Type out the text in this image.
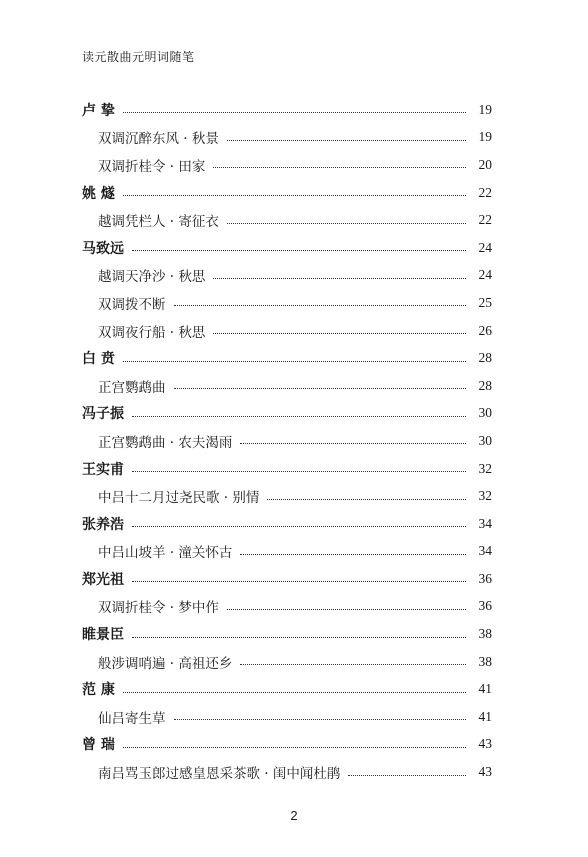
读元散曲元明词随笔
卢 挚	19
双调沉醉东风 · 秋景	19
双调折桂令 · 田家	20
姚 燧	22
越调凭栏人 · 寄征衣	22
马致远	24
越调天净沙 · 秋思	24
双调拨不断	25
双调夜行船 · 秋思	26
白 贲	28
正宫鹦鹉曲	28
冯子振	30
正宫鹦鹉曲 · 农夫渴雨	30
王实甫	32
中吕十二月过尧民歌 · 别情	32
张养浩	34
中吕山坡羊 · 潼关怀古	34
郑光祖	36
双调折桂令 · 梦中作	36
睢景臣	38
般涉调哨遍 · 高祖还乡	38
范 康	41
仙吕寄生草	41
曾 瑞	43
南吕骂玉郎过感皇恩采茶歌 · 闺中闻杜鹃	43
2
